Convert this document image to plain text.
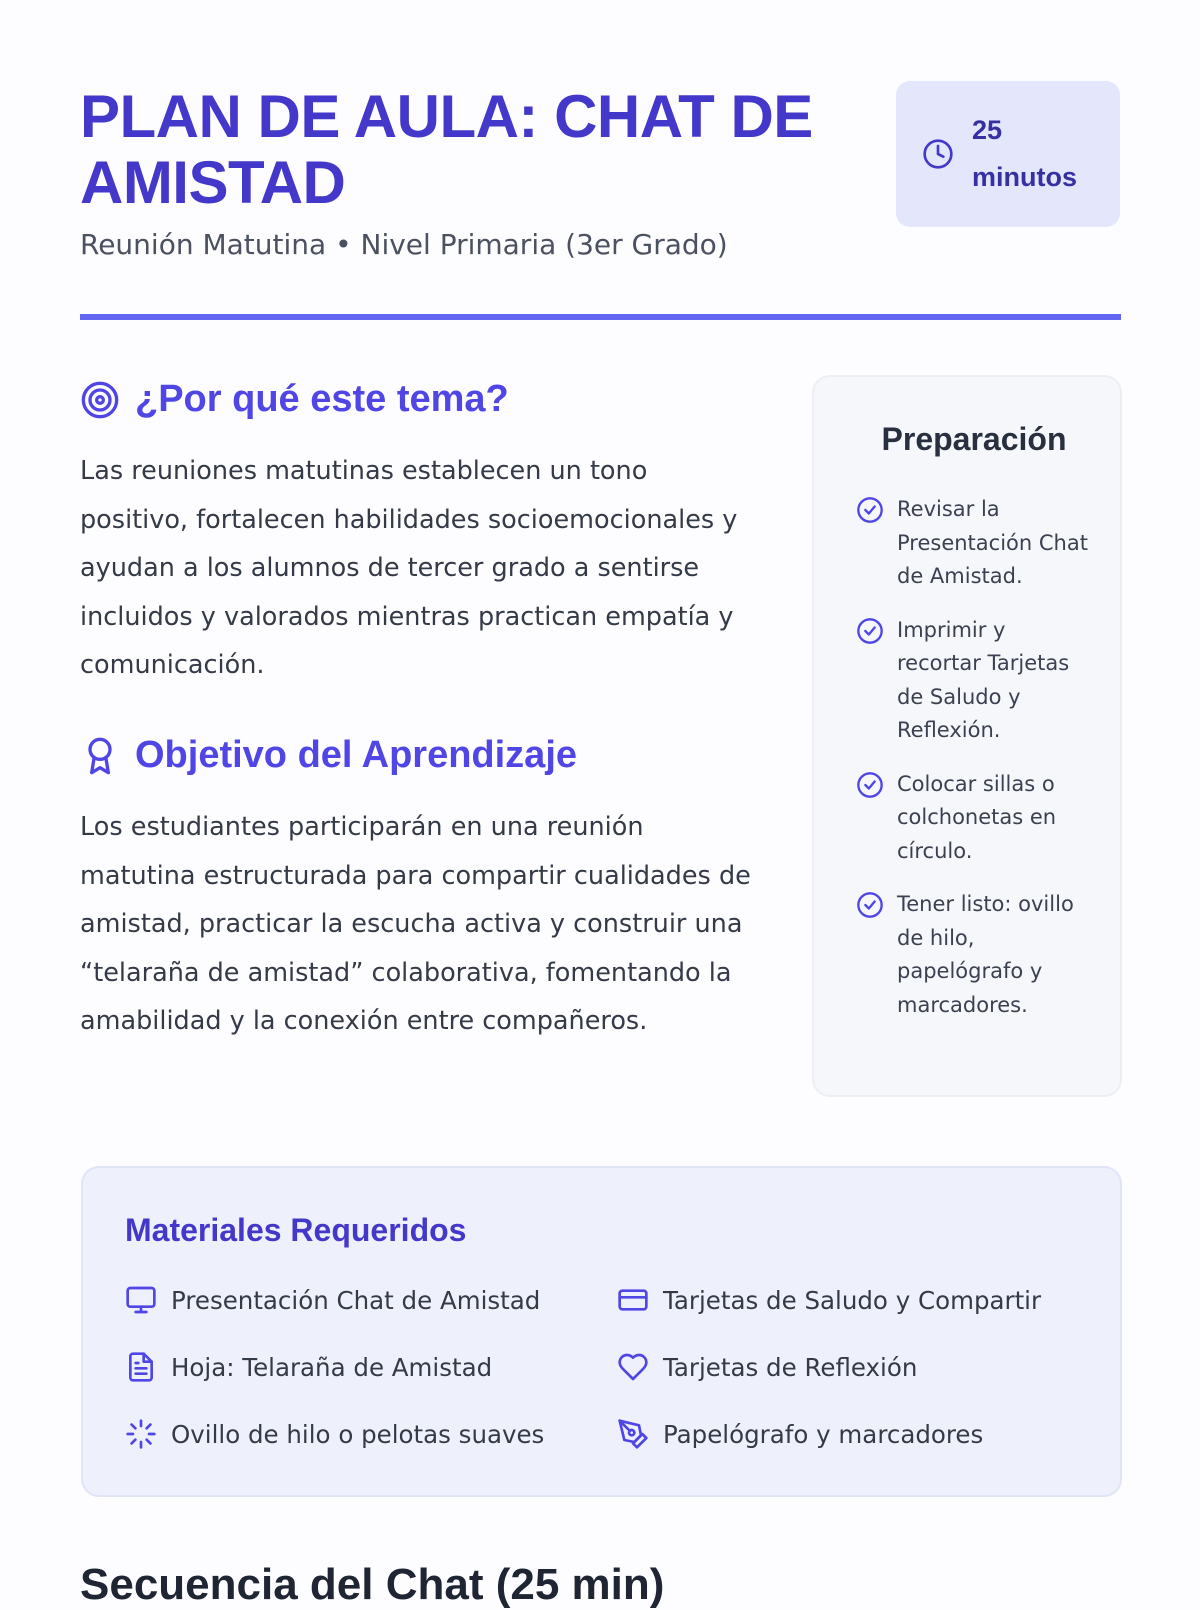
PLAN DE AULA: CHAT DE AMISTAD

Reunión Matutina • Nivel Primaria (3er Grado)

25 minutos
¿Por qué este tema?

Las reuniones matutinas establecen un tono positivo, fortalecen habilidades socioemocionales y ayudan a los alumnos de tercer grado a sentirse incluidos y valorados mientras practican empatía y comunicación.

Objetivo del Aprendizaje

Los estudiantes participarán en una reunión matutina estructurada para compartir cualidades de amistad, practicar la escucha activa y construir una “telaraña de amistad” colaborativa, fomentando la amabilidad y la conexión entre compañeros.

Preparación
Revisar la Presentación Chat de Amistad.
Imprimir y recortar Tarjetas de Saludo y Reflexión.
Colocar sillas o colchonetas en círculo.
Tener listo: ovillo de hilo, papelógrafo y marcadores.
Materiales Requeridos
Presentación Chat de Amistad	Tarjetas de Saludo y Compartir
Hoja: Telaraña de Amistad	Tarjetas de Reflexión
Ovillo de hilo o pelotas suaves	Papelógrafo y marcadores
Secuencia del Chat (25 min)
